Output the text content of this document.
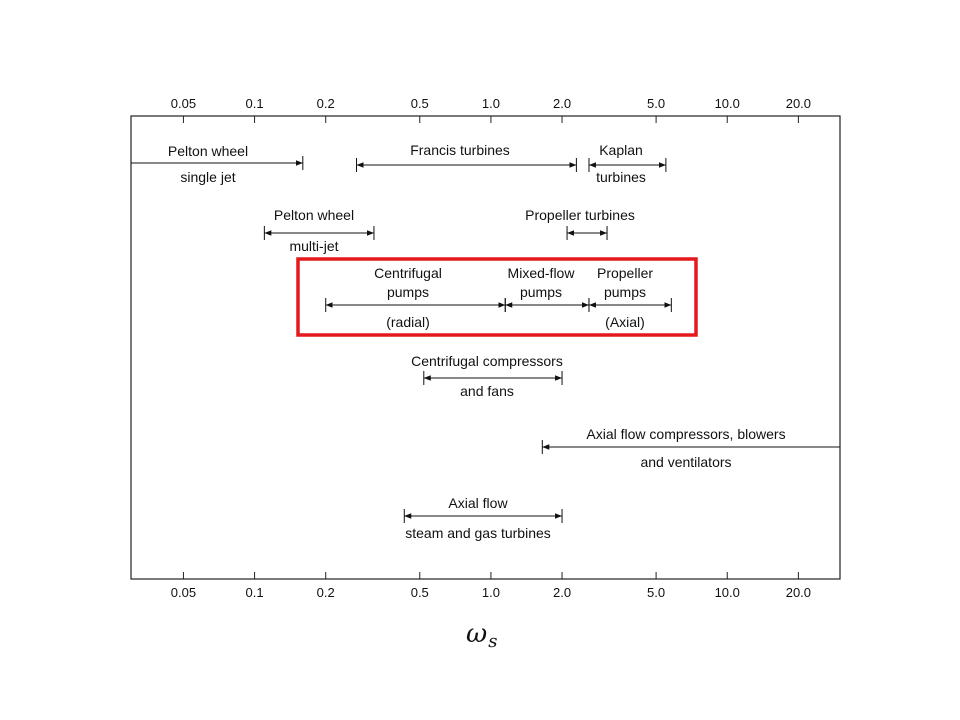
0.05	0.1	0.2	0.5	1.0	2.0	5.0	10.0	20.0
0.05	0.1	0.2	0.5	1.0	2.0	5.0	10.0	20.0
Pelton wheel
single jet
Francis turbines	Kaplan
turbines
Pelton wheel
multi-jet
Propeller turbines
Centrifugal
pumps
(radial)
Mixed-flow
pumps
Propeller
pumps
(Axial)
Centrifugal compressors
and fans
Axial flow compressors, blowers
and ventilators
Axial flow
steam and gas turbines
ωs
